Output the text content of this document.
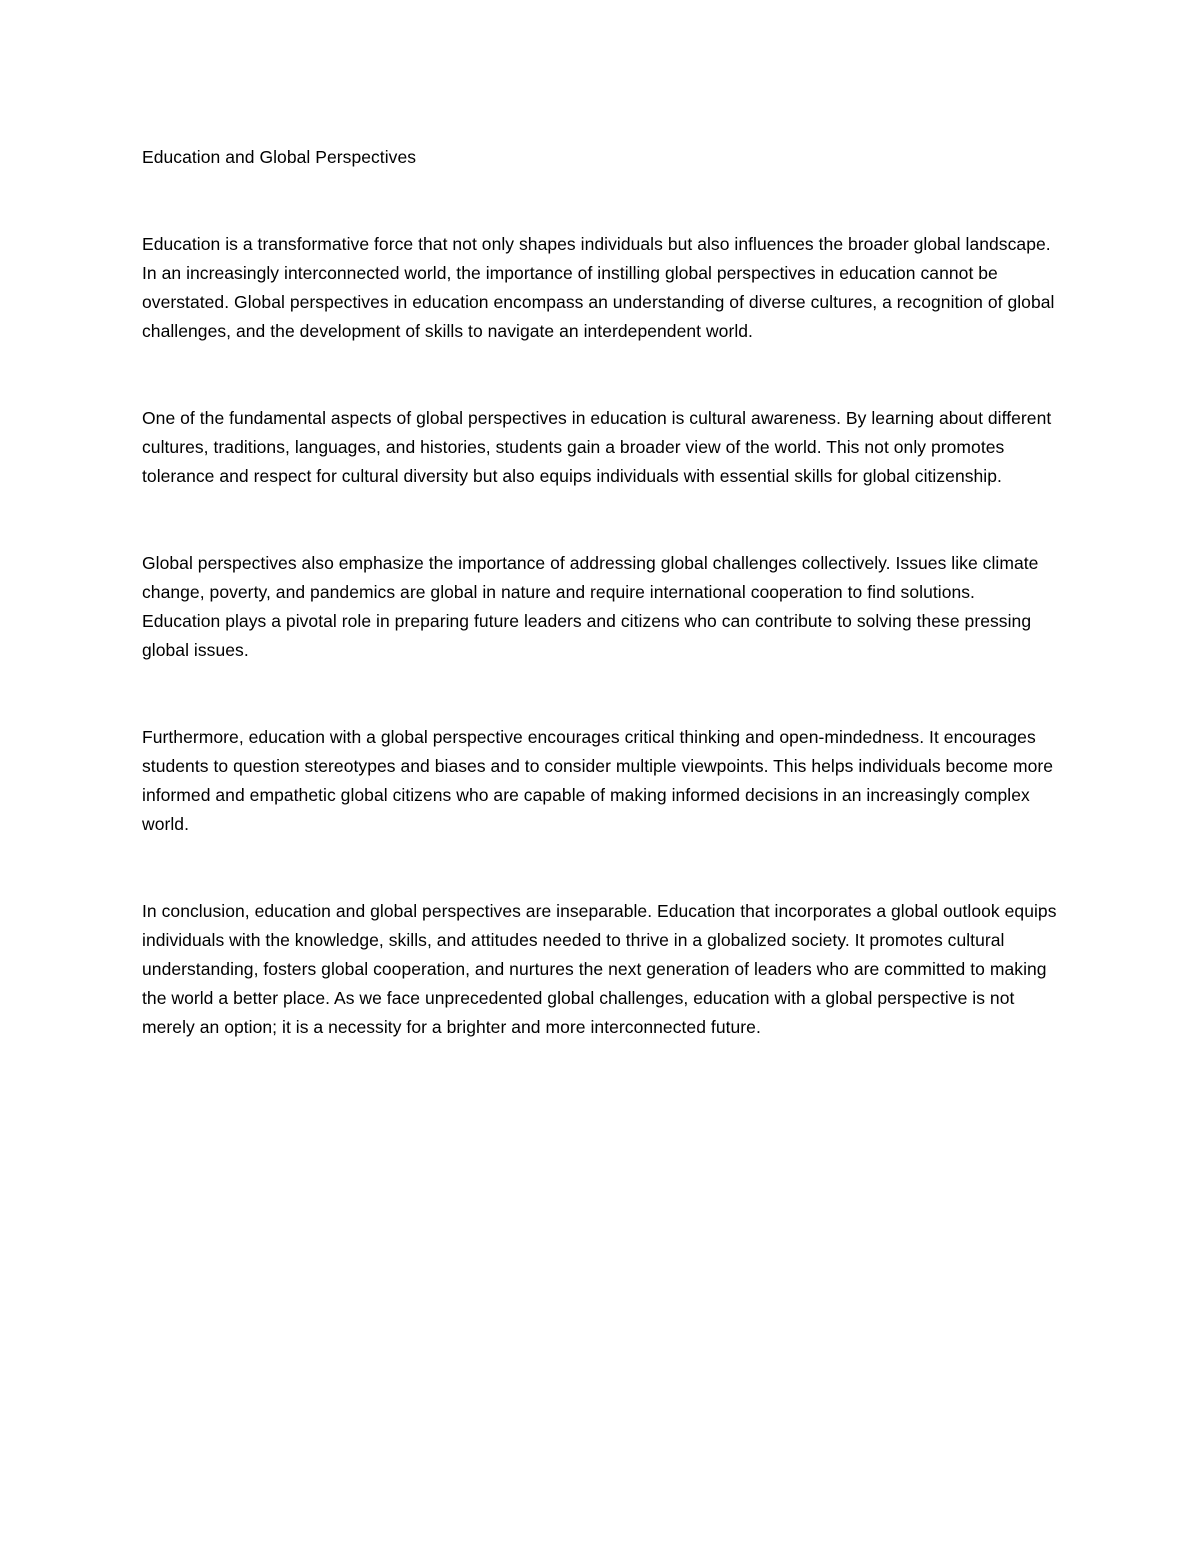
Education and Global Perspectives

Education is a transformative force that not only shapes individuals but also influences the broader global landscape. In an increasingly interconnected world, the importance of instilling global perspectives in education cannot be overstated. Global perspectives in education encompass an understanding of diverse cultures, a recognition of global challenges, and the development of skills to navigate an interdependent world.

One of the fundamental aspects of global perspectives in education is cultural awareness. By learning about different cultures, traditions, languages, and histories, students gain a broader view of the world. This not only promotes tolerance and respect for cultural diversity but also equips individuals with essential skills for global citizenship.

Global perspectives also emphasize the importance of addressing global challenges collectively. Issues like climate change, poverty, and pandemics are global in nature and require international cooperation to find solutions. Education plays a pivotal role in preparing future leaders and citizens who can contribute to solving these pressing global issues.

Furthermore, education with a global perspective encourages critical thinking and open-mindedness. It encourages students to question stereotypes and biases and to consider multiple viewpoints. This helps individuals become more informed and empathetic global citizens who are capable of making informed decisions in an increasingly complex world.

In conclusion, education and global perspectives are inseparable. Education that incorporates a global outlook equips individuals with the knowledge, skills, and attitudes needed to thrive in a globalized society. It promotes cultural understanding, fosters global cooperation, and nurtures the next generation of leaders who are committed to making the world a better place. As we face unprecedented global challenges, education with a global perspective is not merely an option; it is a necessity for a brighter and more interconnected future.
